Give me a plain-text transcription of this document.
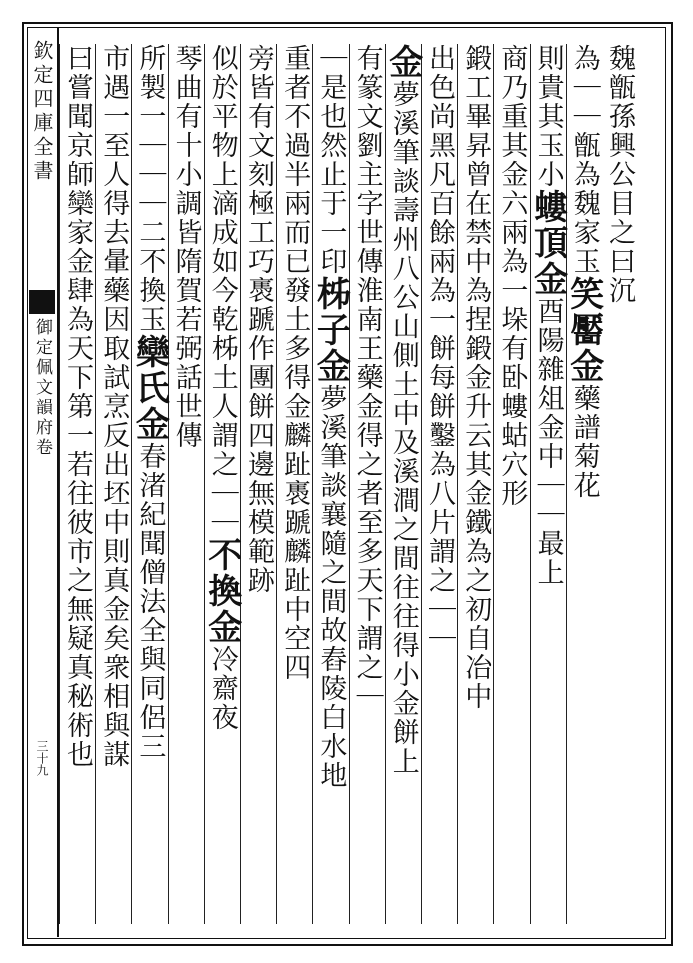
欽定四庫全書
御定佩文韻府卷
三十九
魏甑孫興公目之曰沉
為｜｜甑為魏家玉笑靨金藥譜菊花
則貴其玉小螻頂金酉陽雜俎金中｜｜最上
商乃重其金六兩為一垛有卧螻蛄穴形
鍛工畢昇曾在禁中為捏鍛金升云其金鐵為之初自冶中
出色尚黑凡百餘兩為一餅每餅鑿為八片謂之｜｜
金夢溪筆談壽州八公山側土中及溪澗之間往往得小金餅上
有篆文劉主字世傳淮南王藥金得之者至多天下謂之｜
｜是也然止于一印柹子金夢溪筆談襄隨之間故舂陵白水地
重者不過半兩而已發土多得金麟趾褭蹏麟趾中空四
旁皆有文刻極工巧褭蹏作團餅四邊無模範跡
似於平物上滴成如今乾柹土人謂之｜｜不換金冷齋夜
琴曲有十小調皆隋賀若弼話世傳
所製一｜｜｜二不換玉欒氏金春渚紀聞僧法全與同侶三
市遇一至人得去暈藥因取試烹反出坯中則真金矣衆相與謀
曰嘗聞京師欒家金肆為天下第一若往彼市之無疑真秘術也
